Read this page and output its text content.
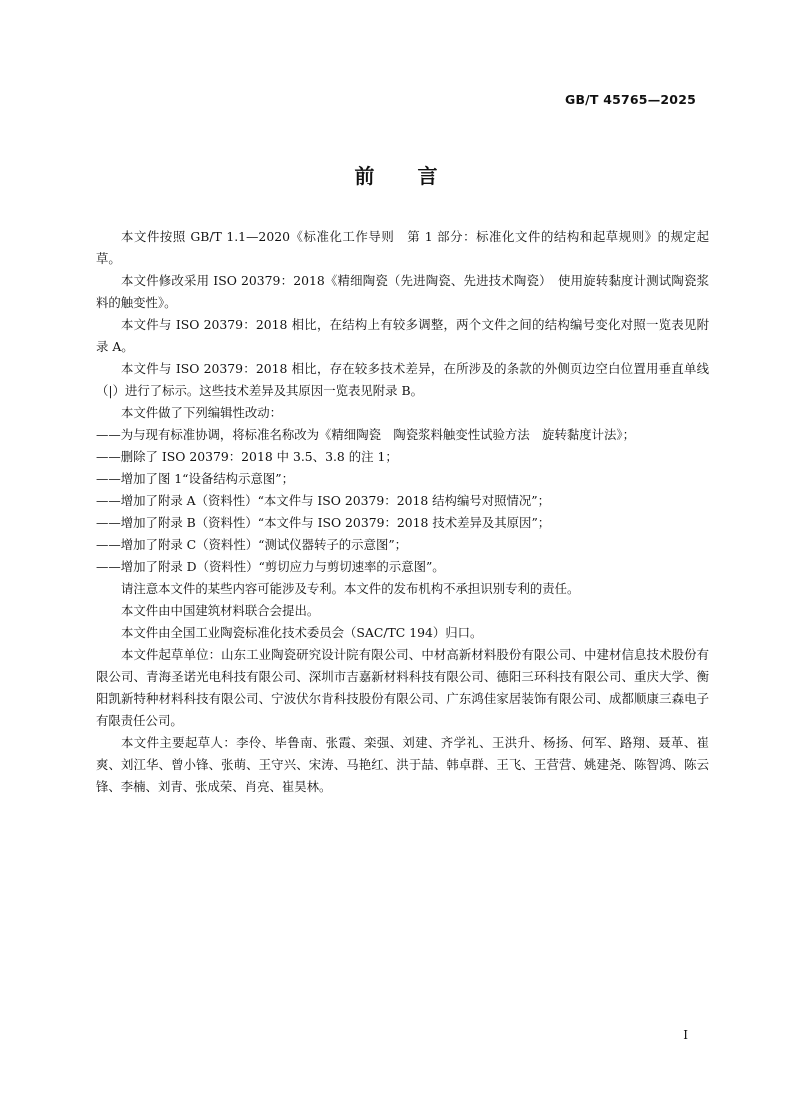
GB/T 45765—2025
前 言

本文件按照 GB/T 1.1—2020《标准化工作导则　第 1 部分：标准化文件的结构和起草规则》的规定起草。

本文件修改采用 ISO 20379：2018《精细陶瓷（先进陶瓷、先进技术陶瓷）　使用旋转黏度计测试陶瓷浆料的触变性》。

本文件与 ISO 20379：2018 相比，在结构上有较多调整，两个文件之间的结构编号变化对照一览表见附录 A。

本文件与 ISO 20379：2018 相比，存在较多技术差异，在所涉及的条款的外侧页边空白位置用垂直单线（|）进行了标示。这些技术差异及其原因一览表见附录 B。

本文件做了下列编辑性改动：

——为与现有标准协调，将标准名称改为《精细陶瓷　陶瓷浆料触变性试验方法　旋转黏度计法》；

——删除了 ISO 20379：2018 中 3.5、3.8 的注 1；

——增加了图 1“设备结构示意图”；

——增加了附录 A（资料性）“本文件与 ISO 20379：2018 结构编号对照情况”；

——增加了附录 B（资料性）“本文件与 ISO 20379：2018 技术差异及其原因”；

——增加了附录 C（资料性）“测试仪器转子的示意图”；

——增加了附录 D（资料性）“剪切应力与剪切速率的示意图”。

请注意本文件的某些内容可能涉及专利。本文件的发布机构不承担识别专利的责任。

本文件由中国建筑材料联合会提出。

本文件由全国工业陶瓷标准化技术委员会（SAC/TC 194）归口。

本文件起草单位：山东工业陶瓷研究设计院有限公司、中材高新材料股份有限公司、中建材信息技术股份有限公司、青海圣诺光电科技有限公司、深圳市吉嘉新材料科技有限公司、德阳三环科技有限公司、重庆大学、衡阳凯新特种材料科技有限公司、宁波伏尔肯科技股份有限公司、广东鸿佳家居装饰有限公司、成都顺康三森电子有限责任公司。

本文件主要起草人：李伶、毕鲁南、张霞、栾强、刘建、齐学礼、王洪升、杨扬、何军、路翔、聂革、崔爽、刘江华、曾小锋、张萌、王守兴、宋涛、马艳红、洪于喆、韩卓群、王飞、王营营、姚建尧、陈智鸿、陈云锋、李楠、刘青、张成荣、肖亮、崔昊林。

I
